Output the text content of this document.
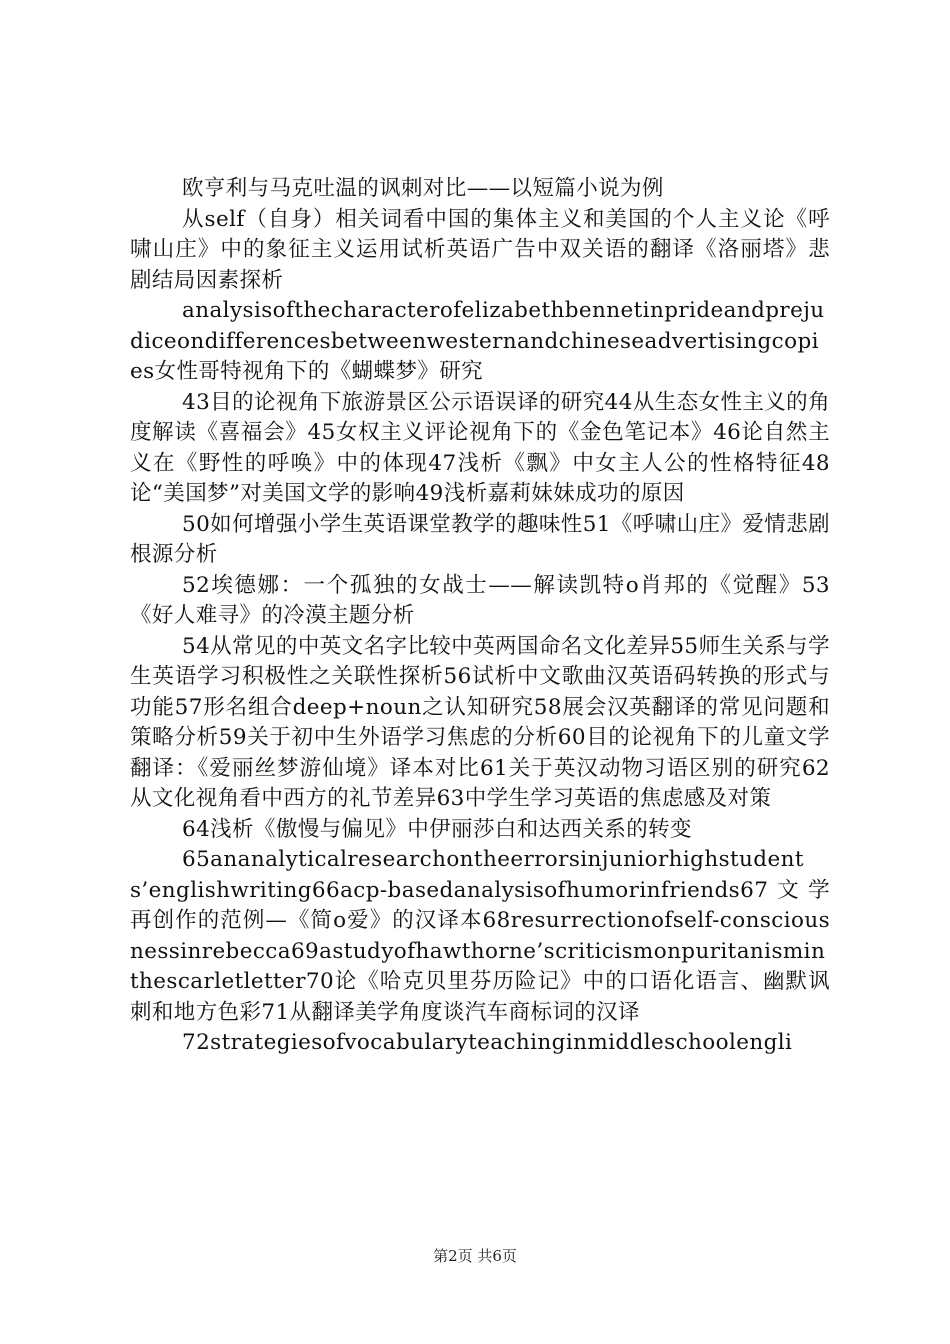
欧亨利与马克吐温的讽刺对比——以短篇小说为例

从self（自身）相关词看中国的集体主义和美国的个人主义论《呼啸山庄》中的象征主义运用试析英语广告中双关语的翻译《洛丽塔》悲剧结局因素探析

analysisofthecharacterofelizabethbennetinprideandprejudiceondifferencesbetweenwesternandchineseadvertisingcopies女性哥特视角下的《蝴蝶梦》研究

43目的论视角下旅游景区公示语误译的研究44从生态女性主义的角度解读《喜福会》45女权主义评论视角下的《金色笔记本》46论自然主义在《野性的呼唤》中的体现47浅析《飘》中女主人公的性格特征48论“美国梦”对美国文学的影响49浅析嘉莉妹妹成功的原因

50如何增强小学生英语课堂教学的趣味性51《呼啸山庄》爱情悲剧根源分析

52埃德娜：一个孤独的女战士——解读凯特o肖邦的《觉醒》53《好人难寻》的冷漠主题分析

54从常见的中英文名字比较中英两国命名文化差异55师生关系与学生英语学习积极性之关联性探析56试析中文歌曲汉英语码转换的形式与功能57形名组合deep+noun之认知研究58展会汉英翻译的常见问题和策略分析59关于初中生外语学习焦虑的分析60目的论视角下的儿童文学翻译：《爱丽丝梦游仙境》译本对比61关于英汉动物习语区别的研究62从文化视角看中西方的礼节差异63中学生学习英语的焦虑感及对策

64浅析《傲慢与偏见》中伊丽莎白和达西关系的转变

65ananalyticalresearchontheerrorsinjuniorhighstudents’englishwriting66acp-basedanalysisofhumorinfriends67文学再创作的范例—《简o爱》的汉译本68resurrectionofself-consciousnessinrebecca69astudyofhawthorne’scriticismonpuritanisminthescarletletter70论《哈克贝里芬历险记》中的口语化语言、幽默讽刺和地方色彩71从翻译美学角度谈汽车商标词的汉译

72strategiesofvocabularyteachinginmiddleschoolengli

第2页 共6页
